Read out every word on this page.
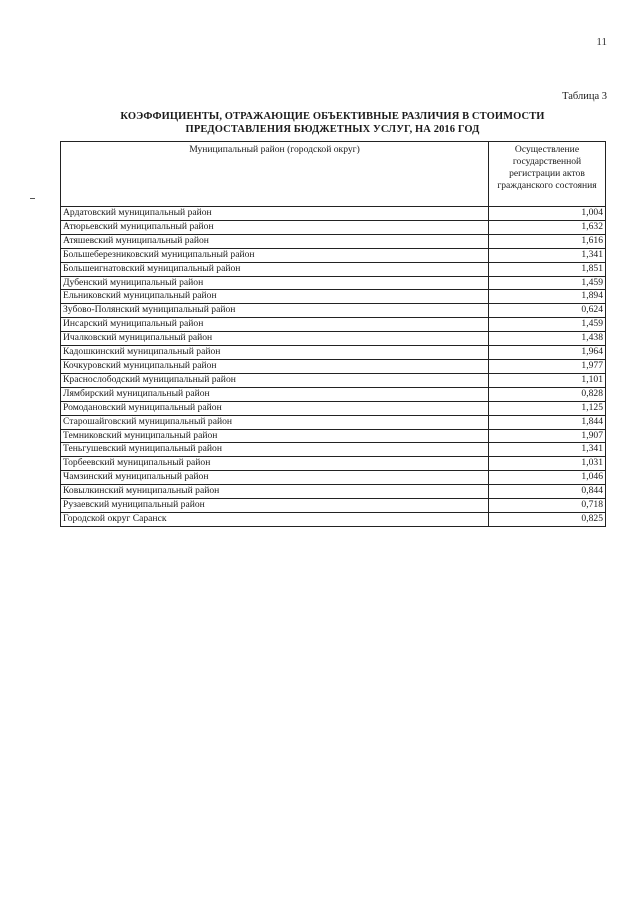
11
Таблица 3
КОЭФФИЦИЕНТЫ, ОТРАЖАЮЩИЕ ОБЪЕКТИВНЫЕ РАЗЛИЧИЯ В СТОИМОСТИ
ПРЕДОСТАВЛЕНИЯ БЮДЖЕТНЫХ УСЛУГ, НА 2016 ГОД
Муниципальный район (городской округ)	Осуществление государственной регистрации актов гражданского состояния
Ардатовский муниципальный район	1,004
Атюрьевский муниципальный район	1,632
Атяшевский муниципальный район	1,616
Большеберезниковский муниципальный район	1,341
Большеигнатовский муниципальный район	1,851
Дубенский муниципальный район	1,459
Ельниковский муниципальный район	1,894
Зубово-Полянский муниципальный район	0,624
Инсарский муниципальный район	1,459
Ичалковский муниципальный район	1,438
Кадошкинский муниципальный район	1,964
Кочкуровский муниципальный район	1,977
Краснослободский муниципальный район	1,101
Лямбирский муниципальный район	0,828
Ромодановский муниципальный район	1,125
Старошайговский муниципальный район	1,844
Темниковский муниципальный район	1,907
Теньгушевский муниципальный район	1,341
Торбеевский муниципальный район	1,031
Чамзинский муниципальный район	1,046
Ковылкинский муниципальный район	0,844
Рузаевский муниципальный район	0,718
Городской округ Саранск	0,825
